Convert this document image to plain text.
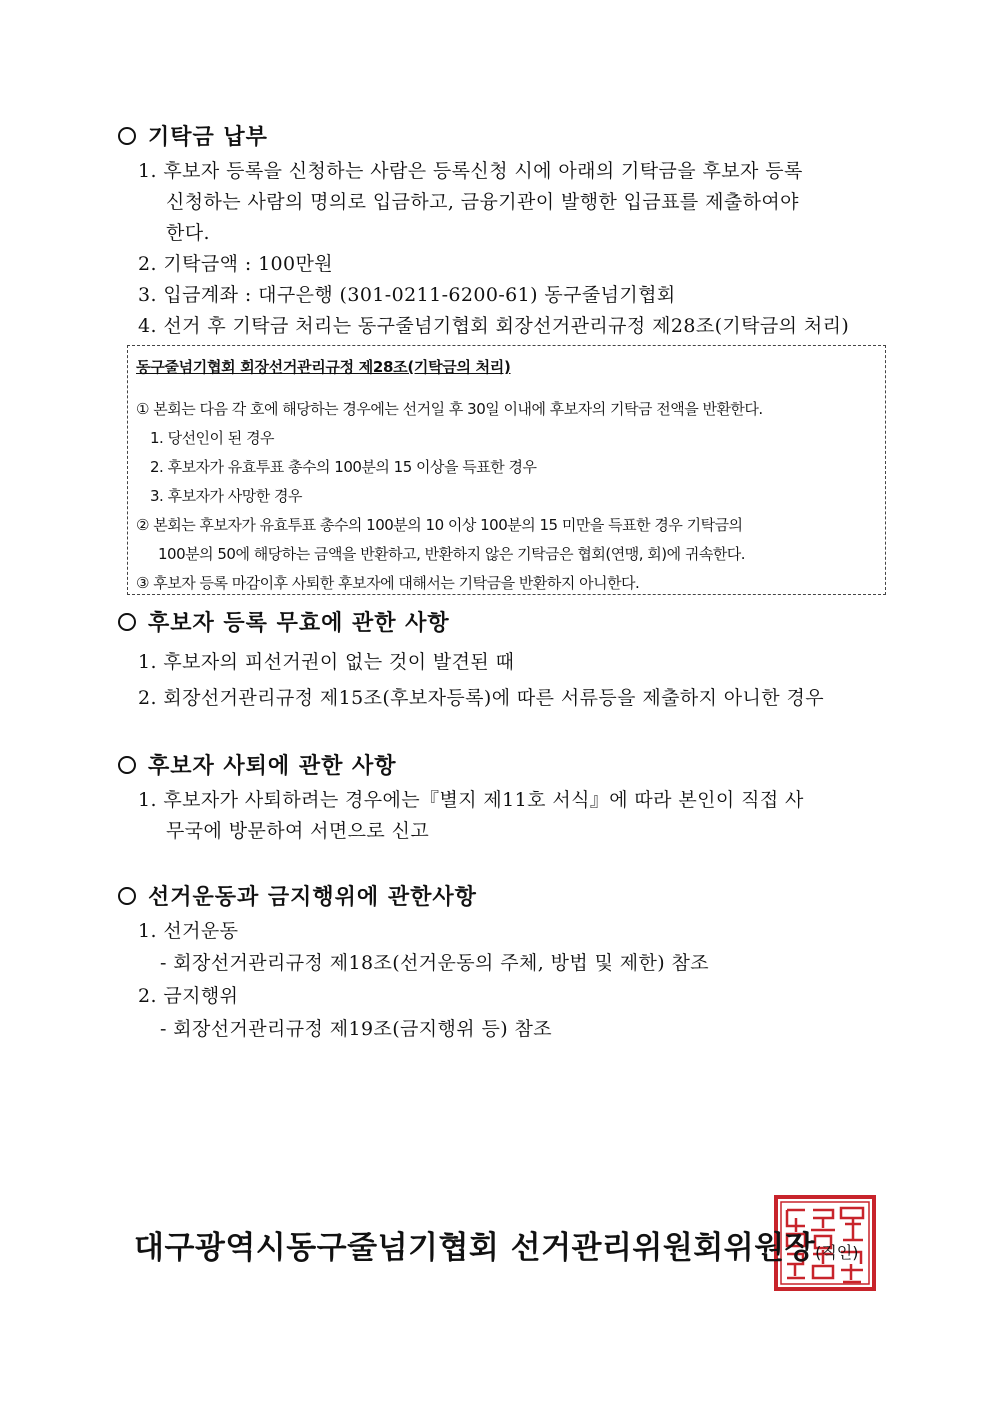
기탁금 납부
1. 후보자 등록을 신청하는 사람은 등록신청 시에 아래의 기탁금을 후보자 등록
신청하는 사람의 명의로 입금하고, 금융기관이 발행한 입금표를 제출하여야
한다.
2. 기탁금액 : 100만원
3. 입금계좌 : 대구은행 (301-0211-6200-61) 동구줄넘기협회
4. 선거 후 기탁금 처리는 동구줄넘기협회 회장선거관리규정 제28조(기탁금의 처리)
동구줄넘기협회 회장선거관리규정 제28조(기탁금의 처리)
① 본회는 다음 각 호에 해당하는 경우에는 선거일 후 30일 이내에 후보자의 기탁금 전액을 반환한다.
1. 당선인이 된 경우
2. 후보자가 유효투표 총수의 100분의 15 이상을 득표한 경우
3. 후보자가 사망한 경우
② 본회는 후보자가 유효투표 총수의 100분의 10 이상 100분의 15 미만을 득표한 경우 기탁금의
100분의 50에 해당하는 금액을 반환하고, 반환하지 않은 기탁금은 협회(연맹, 회)에 귀속한다.
③ 후보자 등록 마감이후 사퇴한 후보자에 대해서는 기탁금을 반환하지 아니한다.
후보자 등록 무효에 관한 사항
1. 후보자의 피선거권이 없는 것이 발견된 때
2. 회장선거관리규정 제15조(후보자등록)에 따른 서류등을 제출하지 아니한 경우
후보자 사퇴에 관한 사항
1. 후보자가 사퇴하려는 경우에는『별지 제11호 서식』에 따라 본인이 직접 사
무국에 방문하여 서면으로 신고
선거운동과 금지행위에 관한사항
1. 선거운동
- 회장선거관리규정 제18조(선거운동의 주체, 방법 및 제한) 참조
2. 금지행위
- 회장선거관리규정 제19조(금지행위 등) 참조
대구광역시동구줄넘기협회 선거관리위원회위원장(직인)
